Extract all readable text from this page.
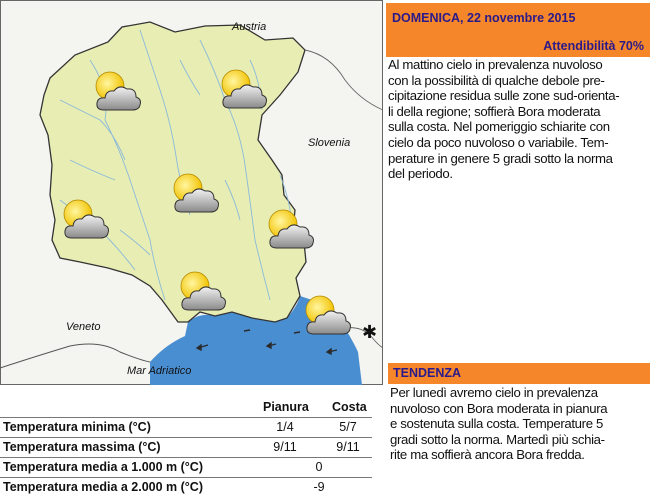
✱
Austria
Slovenia
Veneto
Mar Adriatico
DOMENICA, 22 novembre 2015
Attendibilità 70%
Al mattino cielo in prevalenza nuvoloso
con la possibilità di qualche debole pre-
cipitazione residua sulle zone sud-orienta-
li della regione; soffierà Bora moderata
sulla costa. Nel pomeriggio schiarite con
cielo da poco nuvoloso o variabile. Tem-
perature in genere 5 gradi sotto la norma
del periodo.
TENDENZA
Per lunedì avremo cielo in prevalenza
nuvoloso con Bora moderata in pianura
e sostenuta sulla costa. Temperature 5
gradi sotto la norma. Martedì più schia-
rite ma soffierà ancora Bora fredda.
Pianura Costa
Temperatura minima (°C)	1/4	5/7
Temperatura massima (°C)	9/11	9/11
Temperatura media a 1.000 m (°C)	0
Temperatura media a 2.000 m (°C)	-9
